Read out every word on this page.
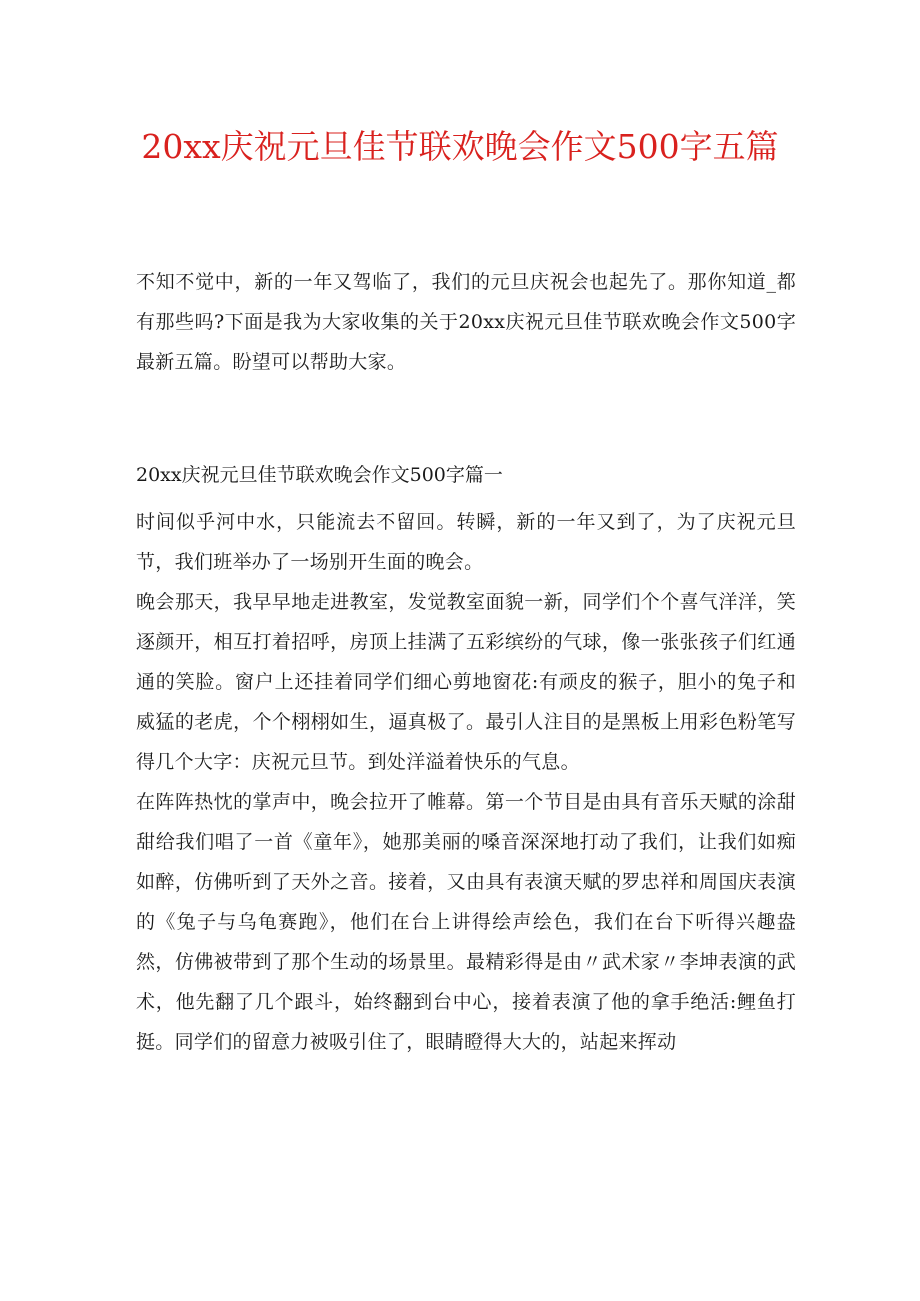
20xx庆祝元旦佳节联欢晚会作文500字五篇

不知不觉中，新的一年又驾临了，我们的元旦庆祝会也起先了。那你知道_都有那些吗?下面是我为大家收集的关于20xx庆祝元旦佳节联欢晚会作文500字最新五篇。盼望可以帮助大家。

20xx庆祝元旦佳节联欢晚会作文500字篇一

时间似乎河中水，只能流去不留回。转瞬，新的一年又到了，为了庆祝元旦节，我们班举办了一场别开生面的晚会。

晚会那天，我早早地走进教室，发觉教室面貌一新，同学们个个喜气洋洋，笑逐颜开，相互打着招呼，房顶上挂满了五彩缤纷的气球，像一张张孩子们红通通的笑脸。窗户上还挂着同学们细心剪地窗花:有顽皮的猴子，胆小的兔子和威猛的老虎，个个栩栩如生，逼真极了。最引人注目的是黑板上用彩色粉笔写得几个大字：庆祝元旦节。到处洋溢着快乐的气息。

在阵阵热忱的掌声中，晚会拉开了帷幕。第一个节目是由具有音乐天赋的涂甜甜给我们唱了一首《童年》，她那美丽的嗓音深深地打动了我们，让我们如痴如醉，仿佛听到了天外之音。接着，又由具有表演天赋的罗忠祥和周国庆表演的《兔子与乌龟赛跑》，他们在台上讲得绘声绘色，我们在台下听得兴趣盎然，仿佛被带到了那个生动的场景里。最精彩得是由〃武术家〃李坤表演的武术，他先翻了几个跟斗，始终翻到台中心，接着表演了他的拿手绝活:鲤鱼打挺。同学们的留意力被吸引住了，眼睛瞪得大大的，站起来挥动
